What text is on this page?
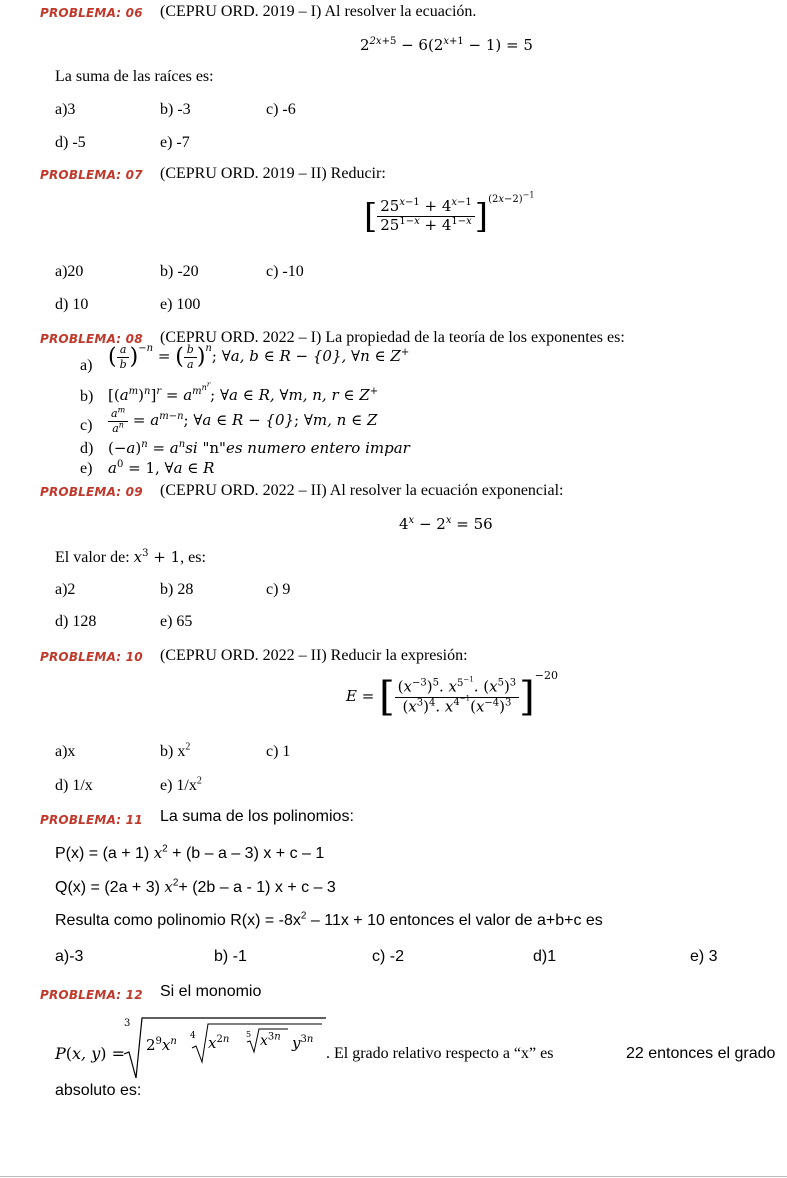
PROBLEMA: 06 (CEPRU ORD. 2019 – I) Al resolver la ecuación.
$2^{2x+5} - 6(2^{x+1} - 1) = 5$
La suma de las raíces es:
a)3	b) -3	c) -6
d) -5	e) -7
PROBLEMA: 07 (CEPRU ORD. 2019 – II) Reducir:
[ $\frac{25^{x-1} + 4^{x-1}}{25^{1-x} + 4^{1-x}} ]^{(2x-2)^{-1}}$
a)20	b) -20	c) -10
d) 10	e) 100
PROBLEMA: 08 (CEPRU ORD. 2022 – I) La propiedad de la teoría de los exponentes es:
a) ( $\frac{a}{b} )^{-n}$ = ( $\frac{b}{a} )^n$; ∀a, b ∈ R − {0}, ∀n ∈ Z+
b) $[(a^m)^n]^r = a^{m^{n^r}}$; ∀a ∈ R, ∀m, n, r ∈ Z+
$c) \frac{a^m}{a^n} = a^{m-n}$; ∀a ∈ R − {0}; ∀m, n ∈ Z
d) $(-a)^n = a^nsi$ "n"es numero entero impar
e) $a^0 = 1$, ∀a ∈ R
PROBLEMA: 09 (CEPRU ORD. 2022 – II) Al resolver la ecuación exponencial:
$4^x - 2^x = 56$
El valor de: $x^3 + 1$, es:
a)2	b) 28	c) 9
d) 128	e) 65
PROBLEMA: 10 (CEPRU ORD. 2022 – II) Reducir la expresión:
E = [ $\frac{(x^{-3})^5. x^{5^{-1}}. (x^5)^3}{(x^3)^4. x^{4^{-1}}(x^{-4})^3} ]^{-20}$
a)x	b) $x^2$	c) 1
d) 1/x	e) $1/x^2$
PROBLEMA: 11 La suma de los polinomios:
P(x) = (a + 1) $x^2 + (b - a - 3) x + c - 1$
Q(x) = (2a + 3) $x^2+ (2b - a - 1) x + c - 3$
Resulta como polinomio $R(x) = -8x^2 - 11x + 10$ entonces el valor de a+b+c es
a)-3	b) -1	c) -2	d)1	e) 3
PROBLEMA: 12 Si el monomio
P(x, y) =
3
4	5
$2^9x^n$ $x^{2n}$ $x^{3n}$ $y^{3n}$
. El grado relativo respecto a “x” es	22 entonces el grado
absoluto es:
